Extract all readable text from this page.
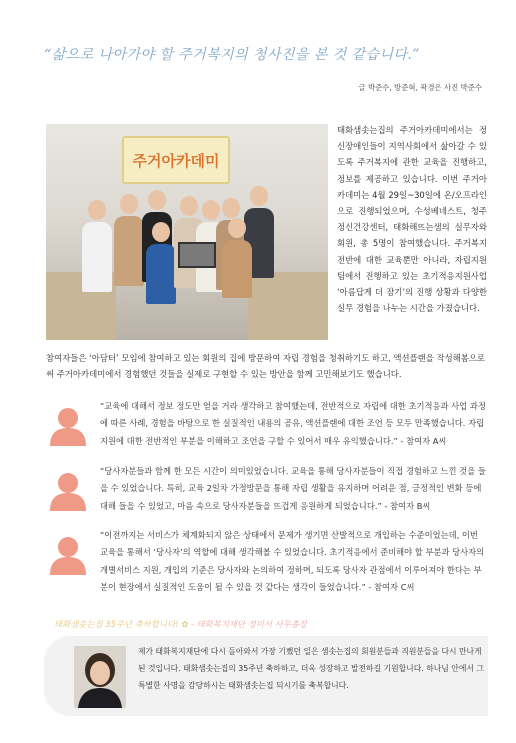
“삶으로 나아가야 할 주거복지의 청사진을 본 것 같습니다.”
글 박준수, 방준혁, 곽경은 사진 박준수
주거아카데미
태화샘솟는집의 주거아카데미에서는 정신장애인들이 지역사회에서 삶아갈 수 있도록 주거복지에 관한 교육을 진행하고, 정보를 제공하고 있습니다. 이번 주거아카데미는 4월 29일~30일에 온/오프라인으로 진행되었으며, 수성베네스트, 청주정신건강센터, 태화해뜨는샘의 실무자와 회원, 총 5명이 참여했습니다. 주거복지 전반에 대한 교육뿐만 아니라, 자립지원팀에서 진행하고 있는 초기적응지원사업 ‘아름답게 더 잠기’의 진행 상황과 다양한 실무 경험을 나누는 시간을 가졌습니다.
참여자들은 ‘아담터’ 모임에 참여하고 있는 회원의 집에 방문하여 자립 경험을 청취하기도 하고, 액션플랜을 작성해봄으로써 주거아카데미에서 경험했던 것들을 실제로 구현할 수 있는 방안을 함께 고민해보기도 했습니다.
“교육에 대해서 정보 정도만 얻을 거라 생각하고 참여했는데, 전반적으로 자립에 대한 초기적응과 사업 과정에 따른 사례, 경험을 바탕으로 한 실질적인 내용의 공유, 액션플랜에 대한 조언 등 모두 만족했습니다. 자립 지원에 대한 전반적인 부분을 이해하고 조언을 구할 수 있어서 매우 유익했습니다.” - 참여자 A씨
“당사자분들과 함께 한 모든 시간이 의미있었습니다. 교육을 통해 당사자분들이 직접 경험하고 느낀 것을 들을 수 있었습니다. 특히, 교육 2일차 가정방문을 통해 자립 생활을 유지하며 어려운 점, 긍정적인 변화 등에 대해 들을 수 있었고, 마음 속으로 당사자분들을 뜨겁게 응원하게 되었습니다.” - 참여자 B씨
“이전까지는 서비스가 체계화되지 않은 상태에서 문제가 생기면 산발적으로 개입하는 수준이었는데, 이번 교육을 통해서 ‘당사자’의 역할에 대해 생각해볼 수 있었습니다. 초기적응에서 준비해야 할 부분과 당사자의 개별서비스 지원, 개입의 기준은 당사자와 논의하여 정하며, 되도록 당사자 관점에서 이루어져야 한다는 부분이 현장에서 실질적인 도움이 될 수 있을 것 같다는 생각이 들었습니다.” - 참여자 C씨
태화샘솟는집 35주년 축하합니다! ✿ - 태화복지재단 정미서 사무총장
제가 태화복지재단에 다시 돌아와서 가장 기뻤던 일은 샘솟는집의 회원분들과 직원분들을 다시 만나게 된 것입니다. 태화샘솟는집의 35주년 축하하고, 더욱 성장하고 발전하길 기원합니다. 하나님 안에서 그 특별한 사명을 감당하시는 태화샘솟는집 되시기를 축복합니다.
